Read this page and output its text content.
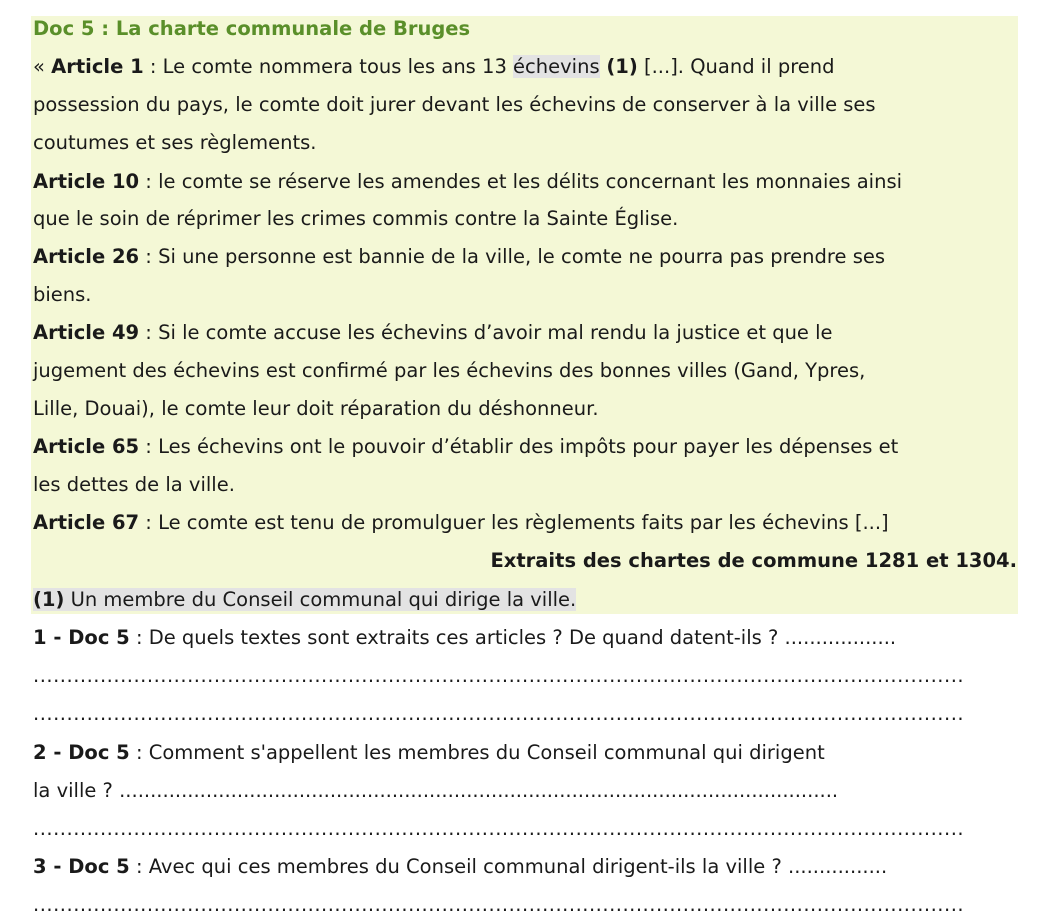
Doc 5 : La charte communale de Bruges
« Article 1 : Le comte nommera tous les ans 13 échevins (1) [...]. Quand il prend
possession du pays, le comte doit jurer devant les échevins de conserver à la ville ses
coutumes et ses règlements.
Article 10 : le comte se réserve les amendes et les délits concernant les monnaies ainsi
que le soin de réprimer les crimes commis contre la Sainte Église.
Article 26 : Si une personne est bannie de la ville, le comte ne pourra pas prendre ses
biens.
Article 49 : Si le comte accuse les échevins d’avoir mal rendu la justice et que le
jugement des échevins est confirmé par les échevins des bonnes villes (Gand, Ypres,
Lille, Douai), le comte leur doit réparation du déshonneur.
Article 65 : Les échevins ont le pouvoir d’établir des impôts pour payer les dépenses et
les dettes de la ville.
Article 67 : Le comte est tenu de promulguer les règlements faits par les échevins [...]
Extraits des chartes de commune 1281 et 1304.
(1) Un membre du Conseil communal qui dirige la ville.
1 - Doc 5 : De quels textes sont extraits ces articles ? De quand datent-ils ? ..................
...........................................................................................................................................
...........................................................................................................................................
2 - Doc 5 : Comment s'appellent les membres du Conseil communal qui dirigent
la ville ? ....................................................................................................................
...........................................................................................................................................
3 - Doc 5 : Avec qui ces membres du Conseil communal dirigent-ils la ville ? ................
...........................................................................................................................................
